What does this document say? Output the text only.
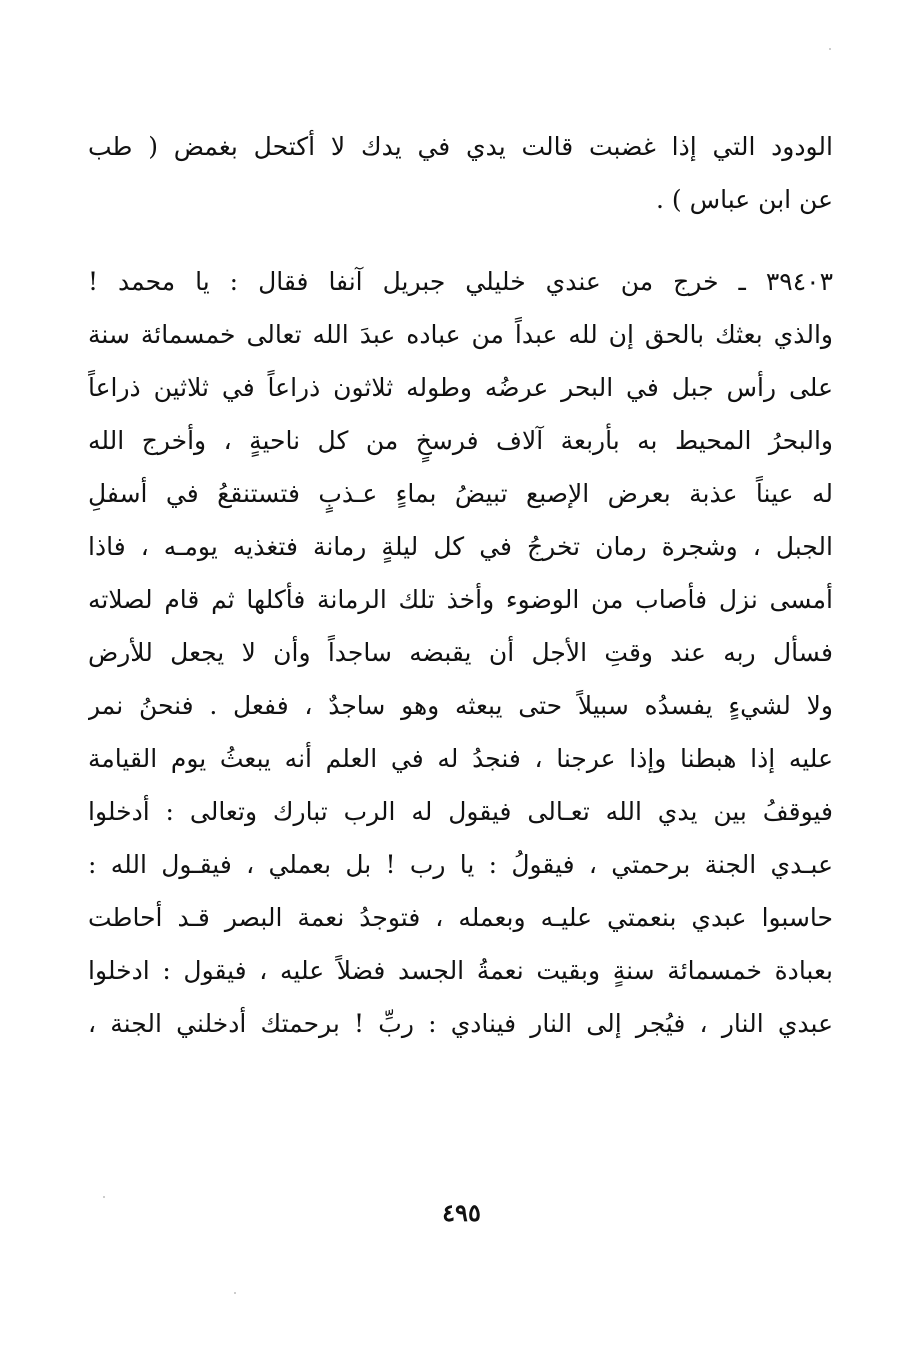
الودود التي إذا غضبت قالت يدي في يدك لا أكتحل بغمض ( طب
عن ابن عباس ) .
٣٩٤٠٣ ـ خرج من عندي خليلي جبريل آنفا فقال : يا محمد !
والذي بعثك بالحق إن لله عبداً من عباده عبدَ الله تعالى خمسمائة سنة
على رأس جبل في البحر عرضُه وطوله ثلاثون ذراعاً في ثلاثين ذراعاً
والبحرُ المحيط به بأربعة آلاف فرسخٍ من كل ناحيةٍ ، وأخرج الله
له عيناً عذبة بعرض الإصبع تبيضُ بماءٍ عـذبٍ فتستنقعُ في أسفلِ
الجبل ، وشجرة رمان تخرجُ في كل ليلةٍ رمانة فتغذيه يومـه ، فاذا
أمسى نزل فأصاب من الوضوء وأخذ تلك الرمانة فأكلها ثم قام لصلاته
فسأل ربه عند وقتِ الأجل أن يقبضه ساجداً وأن لا يجعل للأرض
ولا لشيءٍ يفسدُه سبيلاً حتى يبعثه وهو ساجدٌ ، ففعل . فنحنُ نمر
عليه إذا هبطنا وإذا عرجنا ، فنجدُ له في العلم أنه يبعثُ يوم القيامة
فيوقفُ بين يدي الله تعـالى فيقول له الرب تبارك وتعالى : أدخلوا
عبـدي الجنة برحمتي ، فيقولُ : يا رب ! بل بعملي ، فيقـول الله :
حاسبوا عبدي بنعمتي عليـه وبعمله ، فتوجدُ نعمة البصر قـد أحاطت
بعبادة خمسمائة سنةٍ وبقيت نعمةُ الجسد فضلاً عليه ، فيقول : ادخلوا
عبدي النار ، فيُجر إلى النار فينادي : ربِّ ! برحمتك أدخلني الجنة ،
٤٩٥
